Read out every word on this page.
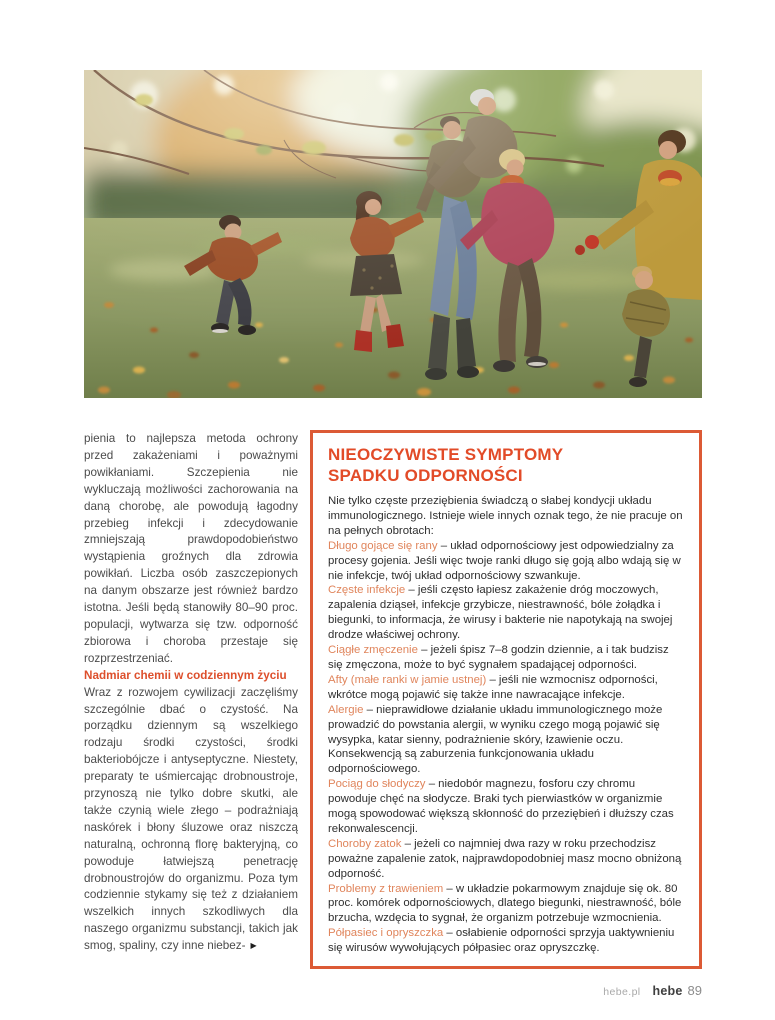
pienia to najlepsza metoda ochrony przed zakażeniami i poważnymi powikłaniami. Szczepienia nie wykluczają możliwości zachorowania na daną chorobę, ale powodują łagodny przebieg infekcji i zdecydowanie zmniejszają prawdopodobieństwo wystąpienia groźnych dla zdrowia powikłań. Liczba osób zaszczepionych na danym obszarze jest również bardzo istotna. Jeśli będą stanowiły 80–90 proc. populacji, wytwarza się tzw. odporność zbiorowa i choroba przestaje się rozprzestrzeniać.

Nadmiar chemii w codziennym życiu

Wraz z rozwojem cywilizacji zaczęliśmy szczególnie dbać o czystość. Na porządku dziennym są wszelkiego rodzaju środki czystości, środki bakteriobójcze i antyseptyczne. Niestety, preparaty te uśmiercając drobnoustroje, przynoszą nie tylko dobre skutki, ale także czynią wiele złego – podrażniają naskórek i błony śluzowe oraz niszczą naturalną, ochronną florę bakteryjną, co powoduje łatwiejszą penetrację drobnoustrojów do organizmu. Poza tym codziennie stykamy się też z działaniem wszelkich innych szkodliwych dla naszego organizmu substancji, takich jak smog, spaliny, czy inne niebez- ▶

NIEOCZYWISTE SYMPTOMY
SPADKU ODPORNOŚCI

Nie tylko częste przeziębienia świadczą o słabej kondycji układu immunologicznego. Istnieje wiele innych oznak tego, że nie pracuje on na pełnych obrotach:

Długo gojące się rany – układ odpornościowy jest odpowiedzialny za procesy gojenia. Jeśli więc twoje ranki długo się goją albo wdają się w nie infekcje, twój układ odpornościowy szwankuje.

Częste infekcje – jeśli często łapiesz zakażenie dróg moczowych, zapalenia dziąseł, infekcje grzybicze, niestrawność, bóle żołądka i biegunki, to informacja, że wirusy i bakterie nie napotykają na swojej drodze właściwej ochrony.

Ciągłe zmęczenie – jeżeli śpisz 7–8 godzin dziennie, a i tak budzisz się zmęczona, może to być sygnałem spadającej odporności.

Afty (małe ranki w jamie ustnej) – jeśli nie wzmocnisz odporności, wkrótce mogą pojawić się także inne nawracające infekcje.

Alergie – nieprawidłowe działanie układu immunologicznego może prowadzić do powstania alergii, w wyniku czego mogą pojawić się wysypka, katar sienny, podrażnienie skóry, łzawienie oczu. Konsekwencją są zaburzenia funkcjonowania układu odpornościowego.

Pociąg do słodyczy – niedobór magnezu, fosforu czy chromu powoduje chęć na słodycze. Braki tych pierwiastków w organizmie mogą spowodować większą skłonność do przeziębień i dłuższy czas rekonwalescencji.

Choroby zatok – jeżeli co najmniej dwa razy w roku przechodzisz poważne zapalenie zatok, najprawdopodobniej masz mocno obniżoną odporność.

Problemy z trawieniem – w układzie pokarmowym znajduje się ok. 80 proc. komórek odpornościowych, dlatego biegunki, niestrawność, bóle brzucha, wzdęcia to sygnał, że organizm potrzebuje wzmocnienia.

Półpasiec i opryszczka – osłabienie odporności sprzyja uaktywnieniu się wirusów wywołujących półpasiec oraz opryszczkę.

hebe.pl hebe 89
